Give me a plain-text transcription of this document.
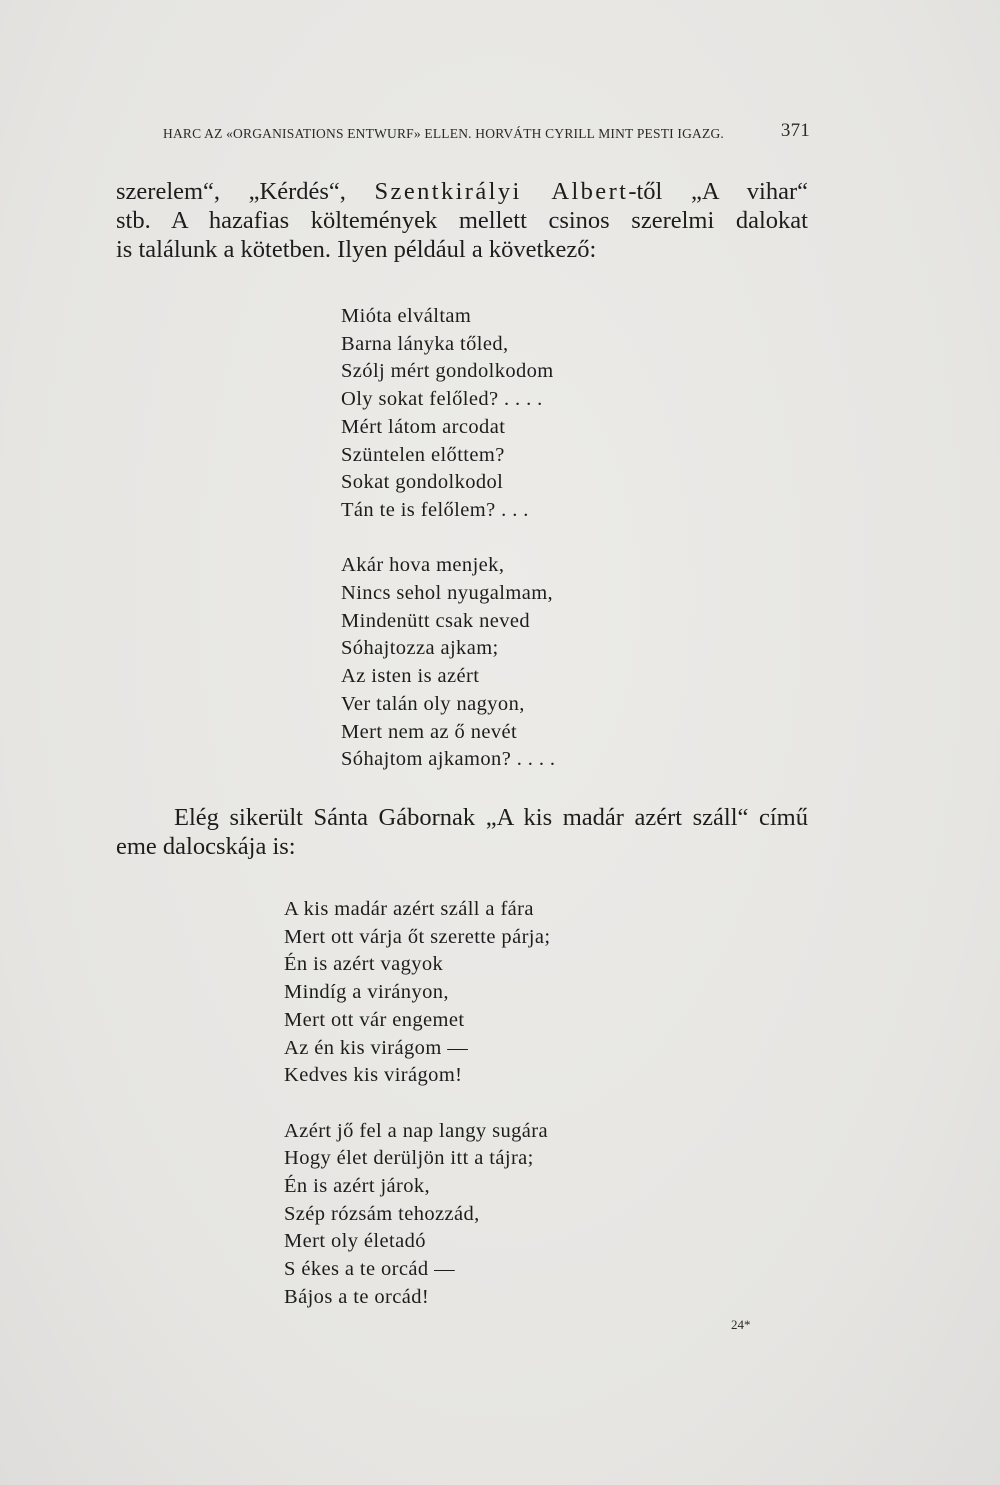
HARC AZ «ORGANISATIONS ENTWURF» ELLEN. HORVÁTH CYRILL MINT PESTI IGAZG.	371

szerelem“, „Kérdés“, Szentkirályi Albert-től „A vihar“

stb. A hazafias költemények mellett csinos szerelmi dalokat

is találunk a kötetben. Ilyen például a következő:

Mióta elváltam
Barna lányka tőled,
Szólj mért gondolkodom
Oly sokat felőled? . . . .
Mért látom arcodat
Szüntelen előttem?
Sokat gondolkodol
Tán te is felőlem? . . .
Akár hova menjek,
Nincs sehol nyugalmam,
Mindenütt csak neved
Sóhajtozza ajkam;
Az isten is azért
Ver talán oly nagyon,
Mert nem az ő nevét
Sóhajtom ajkamon? . . . .

Elég sikerült Sánta Gábornak „A kis madár azért száll“ című eme dalocskája is:

A kis madár azért száll a fára
Mert ott várja őt szerette párja;
Én is azért vagyok
Mindíg a virányon,
Mert ott vár engemet
Az én kis virágom —
Kedves kis virágom!
Azért jő fel a nap langy sugára
Hogy élet derüljön itt a tájra;
Én is azért járok,
Szép rózsám tehozzád,
Mert oly életadó
S ékes a te orcád —
Bájos a te orcád!
24*
